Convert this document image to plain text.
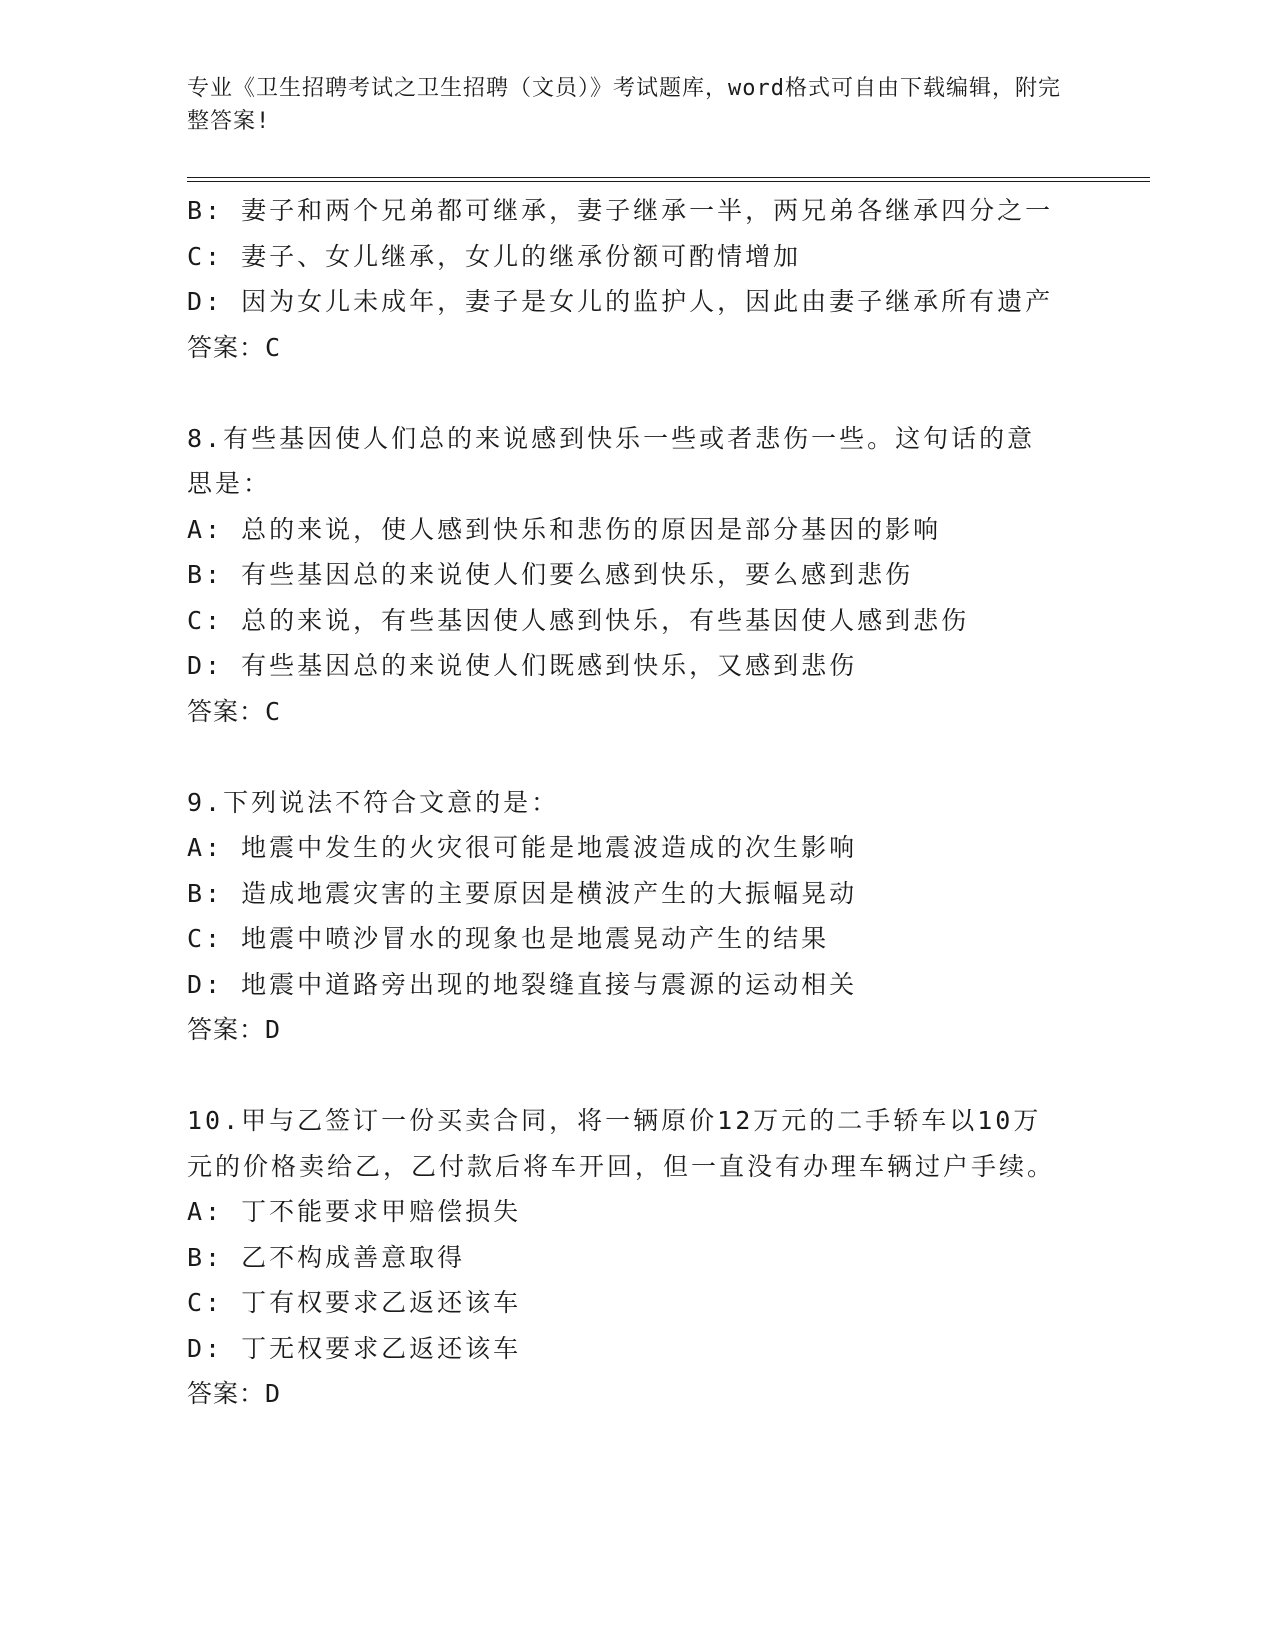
专业《卫生招聘考试之卫生招聘（文员）》考试题库，word格式可自由下载编辑，附完整答案!
B: 妻子和两个兄弟都可继承，妻子继承一半，两兄弟各继承四分之一
C: 妻子、女儿继承，女儿的继承份额可酌情增加
D: 因为女儿未成年，妻子是女儿的监护人，因此由妻子继承所有遗产
答案：C
8.有些基因使人们总的来说感到快乐一些或者悲伤一些。这句话的意思是：
A: 总的来说，使人感到快乐和悲伤的原因是部分基因的影响
B: 有些基因总的来说使人们要么感到快乐，要么感到悲伤
C: 总的来说，有些基因使人感到快乐，有些基因使人感到悲伤
D: 有些基因总的来说使人们既感到快乐，又感到悲伤
答案：C
9.下列说法不符合文意的是：
A: 地震中发生的火灾很可能是地震波造成的次生影响
B: 造成地震灾害的主要原因是横波产生的大振幅晃动
C: 地震中喷沙冒水的现象也是地震晃动产生的结果
D: 地震中道路旁出现的地裂缝直接与震源的运动相关
答案：D
10.甲与乙签订一份买卖合同，将一辆原价12万元的二手轿车以10万元的价格卖给乙，乙付款后将车开回，但一直没有办理车辆过户手续。
A: 丁不能要求甲赔偿损失
B: 乙不构成善意取得
C: 丁有权要求乙返还该车
D: 丁无权要求乙返还该车
答案：D
